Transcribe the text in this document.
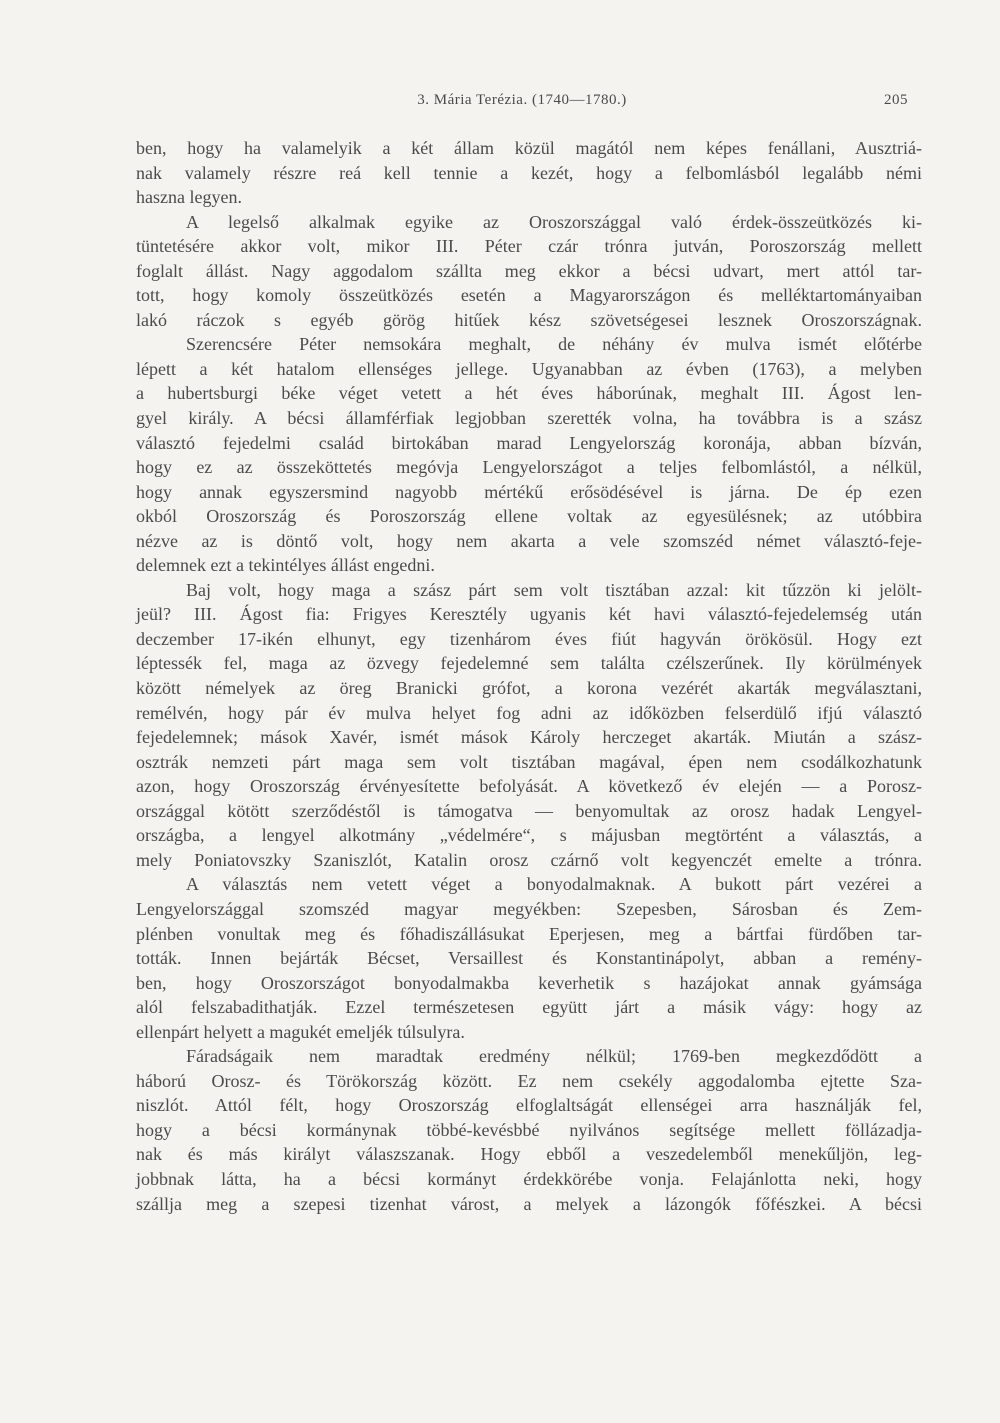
3. Mária Terézia. (1740—1780.)	205
ben, hogy ha valamelyik a két állam közül magától nem képes fenállani, Ausztriá-
nak valamely részre reá kell tennie a kezét, hogy a felbomlásból legalább némi
haszna legyen.
A legelső alkalmak egyike az Oroszországgal való érdek-összeütközés ki-
tüntetésére akkor volt, mikor III. Péter czár trónra jutván, Poroszország mellett
foglalt állást. Nagy aggodalom szállta meg ekkor a bécsi udvart, mert attól tar-
tott, hogy komoly összeütközés esetén a Magyarországon és melléktartományaiban
lakó ráczok s egyéb görög hitűek kész szövetségesei lesznek Oroszországnak.
Szerencsére Péter nemsokára meghalt, de néhány év mulva ismét előtérbe
lépett a két hatalom ellenséges jellege. Ugyanabban az évben (1763), a melyben
a hubertsburgi béke véget vetett a hét éves háborúnak, meghalt III. Ágost len-
gyel király. A bécsi államférfiak legjobban szerették volna, ha továbbra is a szász
választó fejedelmi család birtokában marad Lengyelország koronája, abban bízván,
hogy ez az összeköttetés megóvja Lengyelországot a teljes felbomlástól, a nélkül,
hogy annak egyszersmind nagyobb mértékű erősödésével is járna. De ép ezen
okból Oroszország és Poroszország ellene voltak az egyesülésnek; az utóbbira
nézve az is döntő volt, hogy nem akarta a vele szomszéd német választó-feje-
delemnek ezt a tekintélyes állást engedni.
Baj volt, hogy maga a szász párt sem volt tisztában azzal: kit tűzzön ki jelölt-
jeül? III. Ágost fia: Frigyes Keresztély ugyanis két havi választó-fejedelemség után
deczember 17-ikén elhunyt, egy tizenhárom éves fiút hagyván örökösül. Hogy ezt
léptessék fel, maga az özvegy fejedelemné sem találta czélszerűnek. Ily körülmények
között némelyek az öreg Branicki grófot, a korona vezérét akarták megválasztani,
remélvén, hogy pár év mulva helyet fog adni az időközben felserdülő ifjú választó
fejedelemnek; mások Xavér, ismét mások Károly herczeget akarták. Miután a szász-
osztrák nemzeti párt maga sem volt tisztában magával, épen nem csodálkozhatunk
azon, hogy Oroszország érvényesítette befolyását. A következő év elején — a Porosz-
országgal kötött szerződéstől is támogatva — benyomultak az orosz hadak Lengyel-
országba, a lengyel alkotmány „védelmére“, s májusban megtörtént a választás, a
mely Poniatovszky Szaniszlót, Katalin orosz czárnő volt kegyenczét emelte a trónra.
A választás nem vetett véget a bonyodalmaknak. A bukott párt vezérei a
Lengyelországgal szomszéd magyar megyékben: Szepesben, Sárosban és Zem-
plénben vonultak meg és főhadiszállásukat Eperjesen, meg a bártfai fürdőben tar-
tották. Innen bejárták Bécset, Versaillest és Konstantinápolyt, abban a remény-
ben, hogy Oroszországot bonyodalmakba keverhetik s hazájokat annak gyámsága
alól felszabadithatják. Ezzel természetesen együtt járt a másik vágy: hogy az
ellenpárt helyett a magukét emeljék túlsulyra.
Fáradságaik nem maradtak eredmény nélkül; 1769-ben megkezdődött a
háború Orosz- és Törökország között. Ez nem csekély aggodalomba ejtette Sza-
niszlót. Attól félt, hogy Oroszország elfoglaltságát ellenségei arra használják fel,
hogy a bécsi kormánynak többé-kevésbbé nyilvános segítsége mellett föllázadja-
nak és más királyt válaszszanak. Hogy ebből a veszedelemből menekűljön, leg-
jobbnak látta, ha a bécsi kormányt érdekkörébe vonja. Felajánlotta neki, hogy
szállja meg a szepesi tizenhat várost, a melyek a lázongók főfészkei. A bécsi
